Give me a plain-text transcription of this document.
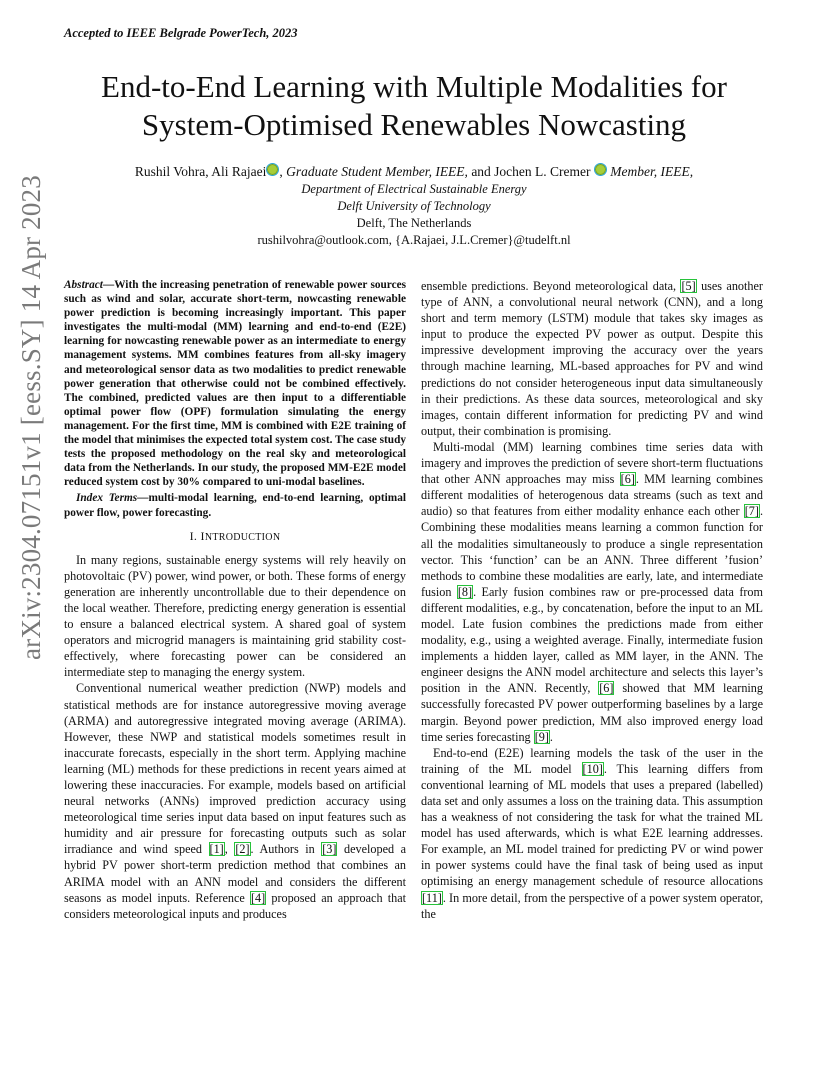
Accepted to IEEE Belgrade PowerTech, 2023
End-to-End Learning with Multiple Modalities for
System-Optimised Renewables Nowcasting
Rushil Vohra, Ali Rajaei , Graduate Student Member, IEEE, and Jochen L. Cremer  Member, IEEE,
Department of Electrical Sustainable Energy
Delft University of Technology
Delft, The Netherlands
rushilvohra@outlook.com, {A.Rajaei, J.L.Cremer}@tudelft.nl
arXiv:2304.07151v1 [eess.SY] 14 Apr 2023 Abstract—With the increasing penetration of renewable power sources such as wind and solar, accurate short-term, nowcasting renewable power prediction is becoming increasingly important. This paper investigates the multi-modal (MM) learning and end-to-end (E2E) learning for nowcasting renewable power as an intermediate to energy management systems. MM combines features from all-sky imagery and meteorological sensor data as two modalities to predict renewable power generation that otherwise could not be combined effectively. The combined, predicted values are then input to a differentiable optimal power flow (OPF) formulation simulating the energy management. For the first time, MM is combined with E2E training of the model that minimises the expected total system cost. The case study tests the proposed methodology on the real sky and meteorological data from the Netherlands. In our study, the proposed MM-E2E model reduced system cost by 30% compared to uni-modal baselines.

Index Terms—multi-modal learning, end-to-end learning, optimal power flow, power forecasting.

I. INTRODUCTION

In many regions, sustainable energy systems will rely heavily on photovoltaic (PV) power, wind power, or both. These forms of energy generation are inherently uncontrollable due to their dependence on the local weather. Therefore, predicting energy generation is essential to ensure a balanced electrical system. A shared goal of system operators and microgrid managers is maintaining grid stability cost-effectively, where forecasting power can be considered an intermediate step to managing the energy system.

Conventional numerical weather prediction (NWP) models and statistical methods are for instance autoregressive moving average (ARMA) and autoregressive integrated moving average (ARIMA). However, these NWP and statistical models sometimes result in inaccurate forecasts, especially in the short term. Applying machine learning (ML) methods for these predictions in recent years aimed at lowering these inaccuracies. For example, models based on artificial neural networks (ANNs) improved prediction accuracy using meteorological time series input data based on input features such as humidity and air pressure for forecasting outputs such as solar irradiance and wind speed [1], [2]. Authors in [3] developed a hybrid PV power short-term prediction method that combines an ARIMA model with an ANN model and considers the different seasons as model inputs. Reference [4] proposed an approach that considers meteorological inputs and produces

ensemble predictions. Beyond meteorological data, [5] uses another type of ANN, a convolutional neural network (CNN), and a long short and term memory (LSTM) module that takes sky images as input to produce the expected PV power as output. Despite this impressive development improving the accuracy over the years through machine learning, ML-based approaches for PV and wind predictions do not consider heterogeneous input data simultaneously in their predictions. As these data sources, meteorological and sky images, contain different information for predicting PV and wind output, their combination is promising.

Multi-modal (MM) learning combines time series data with imagery and improves the prediction of severe short-term fluctuations that other ANN approaches may miss [6]. MM learning combines different modalities of heterogenous data streams (such as text and audio) so that features from either modality enhance each other [7]. Combining these modalities means learning a common function for all the modalities simultaneously to produce a single representation vector. This ‘function’ can be an ANN. Three different ’fusion’ methods to combine these modalities are early, late, and intermediate fusion [8]. Early fusion combines raw or pre-processed data from different modalities, e.g., by concatenation, before the input to an ML model. Late fusion combines the predictions made from either modality, e.g., using a weighted average. Finally, intermediate fusion implements a hidden layer, called as MM layer, in the ANN. The engineer designs the ANN model architecture and selects this layer’s position in the ANN. Recently, [6] showed that MM learning successfully forecasted PV power outperforming baselines by a large margin. Beyond power prediction, MM also improved energy load time series forecasting [9].

End-to-end (E2E) learning models the task of the user in the training of the ML model [10]. This learning differs from conventional learning of ML models that uses a prepared (labelled) data set and only assumes a loss on the training data. This assumption has a weakness of not considering the task for what the trained ML model has used afterwards, which is what E2E learning addresses. For example, an ML model trained for predicting PV or wind power in power systems could have the final task of being used as input optimising an energy management schedule of resource allocations [11]. In more detail, from the perspective of a power system operator, the
